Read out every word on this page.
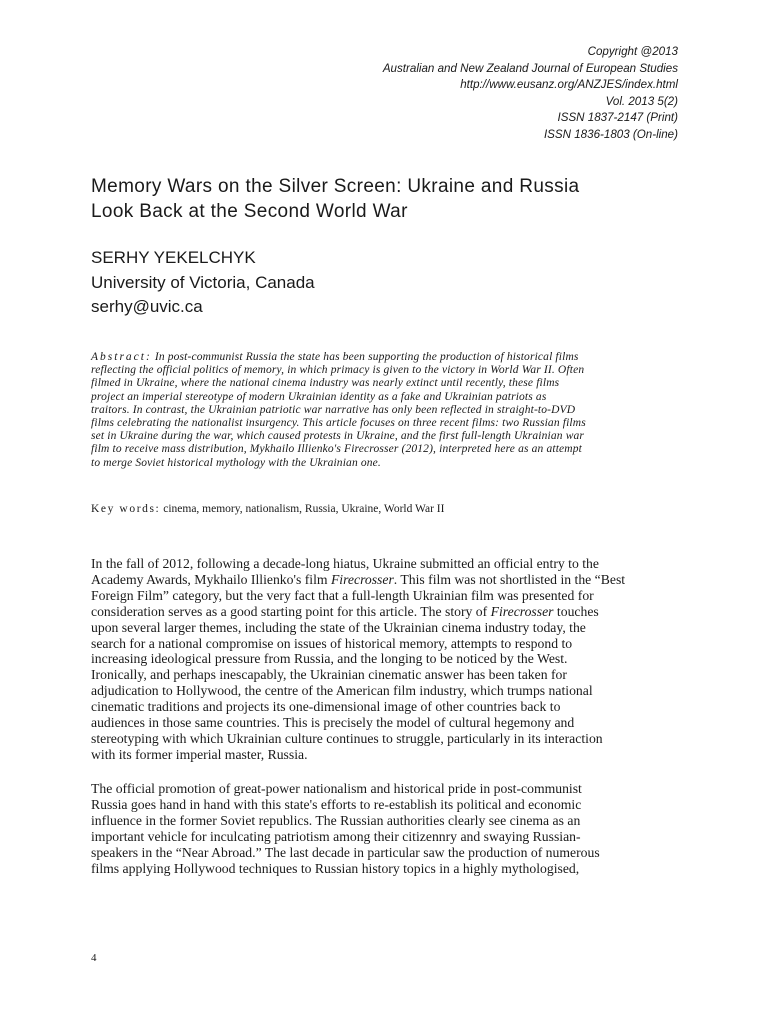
Copyright @2013
Australian and New Zealand Journal of European Studies
http://www.eusanz.org/ANZJES/index.html
Vol. 2013 5(2)
ISSN 1837-2147 (Print)
ISSN 1836-1803 (On-line)
Memory Wars on the Silver Screen: Ukraine and Russia
Look Back at the Second World War
SERHY YEKELCHYK
University of Victoria, Canada
serhy@uvic.ca
Abstract: In post-communist Russia the state has been supporting the production of historical films
reflecting the official politics of memory, in which primacy is given to the victory in World War II. Often
filmed in Ukraine, where the national cinema industry was nearly extinct until recently, these films
project an imperial stereotype of modern Ukrainian identity as a fake and Ukrainian patriots as
traitors. In contrast, the Ukrainian patriotic war narrative has only been reflected in straight-to-DVD
films celebrating the nationalist insurgency. This article focuses on three recent films: two Russian films
set in Ukraine during the war, which caused protests in Ukraine, and the first full-length Ukrainian war
film to receive mass distribution, Mykhailo Illienko's Firecrosser (2012), interpreted here as an attempt
to merge Soviet historical mythology with the Ukrainian one.
Key words: cinema, memory, nationalism, Russia, Ukraine, World War II
In the fall of 2012, following a decade-long hiatus, Ukraine submitted an official entry to the
Academy Awards, Mykhailo Illienko's film Firecrosser. This film was not shortlisted in the “Best
Foreign Film” category, but the very fact that a full-length Ukrainian film was presented for
consideration serves as a good starting point for this article. The story of Firecrosser touches
upon several larger themes, including the state of the Ukrainian cinema industry today, the
search for a national compromise on issues of historical memory, attempts to respond to
increasing ideological pressure from Russia, and the longing to be noticed by the West.
Ironically, and perhaps inescapably, the Ukrainian cinematic answer has been taken for
adjudication to Hollywood, the centre of the American film industry, which trumps national
cinematic traditions and projects its one-dimensional image of other countries back to
audiences in those same countries. This is precisely the model of cultural hegemony and
stereotyping with which Ukrainian culture continues to struggle, particularly in its interaction
with its former imperial master, Russia.
The official promotion of great-power nationalism and historical pride in post-communist
Russia goes hand in hand with this state's efforts to re-establish its political and economic
influence in the former Soviet republics. The Russian authorities clearly see cinema as an
important vehicle for inculcating patriotism among their citizennry and swaying Russian-
speakers in the “Near Abroad.” The last decade in particular saw the production of numerous
films applying Hollywood techniques to Russian history topics in a highly mythologised,
4
